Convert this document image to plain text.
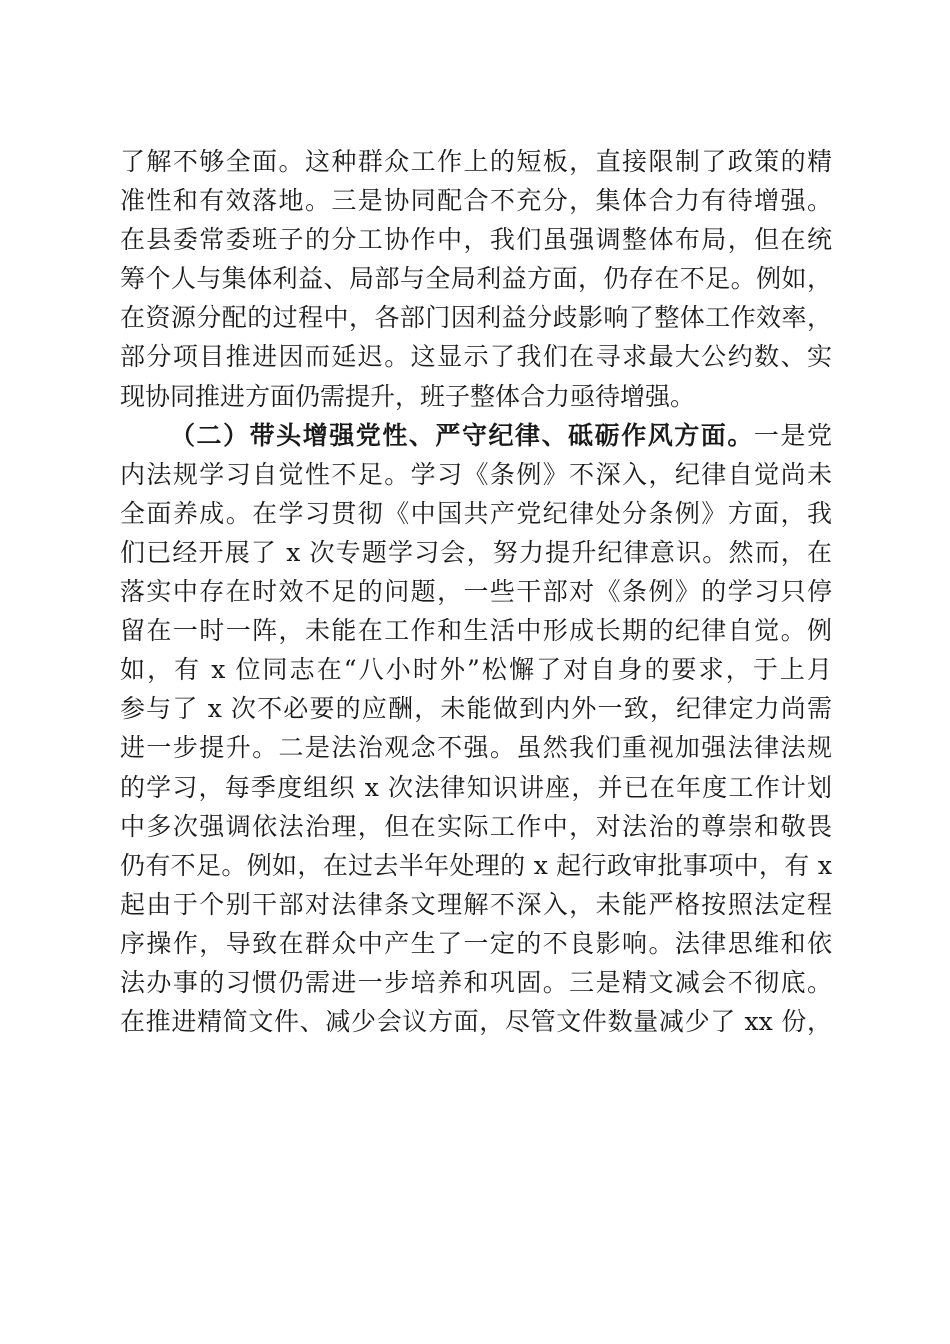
了解不够全面。这种群众工作上的短板，直接限制了政策的精
准性和有效落地。三是协同配合不充分，集体合力有待增强。
在县委常委班子的分工协作中，我们虽强调整体布局，但在统
筹个人与集体利益、局部与全局利益方面，仍存在不足。例如，
在资源分配的过程中，各部门因利益分歧影响了整体工作效率，
部分项目推进因而延迟。这显示了我们在寻求最大公约数、实
现协同推进方面仍需提升，班子整体合力亟待增强。
（二）带头增强党性、严守纪律、砥砺作风方面。一是党
内法规学习自觉性不足。学习《条例》不深入，纪律自觉尚未
全面养成。在学习贯彻《中国共产党纪律处分条例》方面，我
们已经开展了 x 次专题学习会，努力提升纪律意识。然而，在
落实中存在时效不足的问题，一些干部对《条例》的学习只停
留在一时一阵，未能在工作和生活中形成长期的纪律自觉。例
如，有 x 位同志在“八小时外”松懈了对自身的要求，于上月
参与了 x 次不必要的应酬，未能做到内外一致，纪律定力尚需
进一步提升。二是法治观念不强。虽然我们重视加强法律法规
的学习，每季度组织 x 次法律知识讲座，并已在年度工作计划
中多次强调依法治理，但在实际工作中，对法治的尊崇和敬畏
仍有不足。例如，在过去半年处理的 x 起行政审批事项中，有 x
起由于个别干部对法律条文理解不深入，未能严格按照法定程
序操作，导致在群众中产生了一定的不良影响。法律思维和依
法办事的习惯仍需进一步培养和巩固。三是精文减会不彻底。
在推进精简文件、减少会议方面，尽管文件数量减少了 xx 份，
